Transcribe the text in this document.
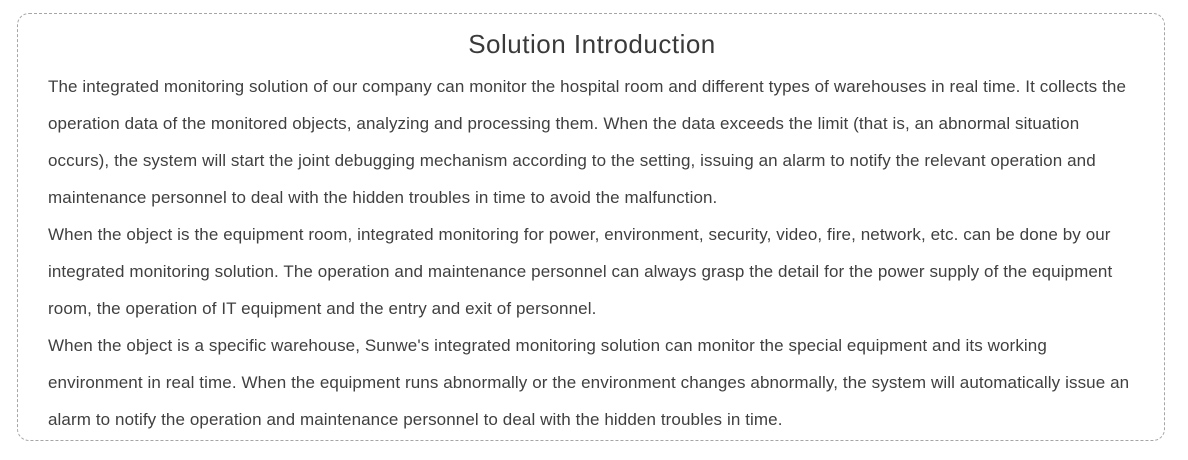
Solution Introduction

The integrated monitoring solution of our company can monitor the hospital room and different types of warehouses in real time. It collects the operation data of the monitored objects, analyzing and processing them. When the data exceeds the limit (that is, an abnormal situation occurs), the system will start the joint debugging mechanism according to the setting, issuing an alarm to notify the relevant operation and maintenance personnel to deal with the hidden troubles in time to avoid the malfunction.

When the object is the equipment room, integrated monitoring for power, environment, security, video, fire, network, etc. can be done by our integrated monitoring solution. The operation and maintenance personnel can always grasp the detail for the power supply of the equipment room, the operation of IT equipment and the entry and exit of personnel.

When the object is a specific warehouse, Sunwe's integrated monitoring solution can monitor the special equipment and its working environment in real time. When the equipment runs abnormally or the environment changes abnormally, the system will automatically issue an alarm to notify the operation and maintenance personnel to deal with the hidden troubles in time.
